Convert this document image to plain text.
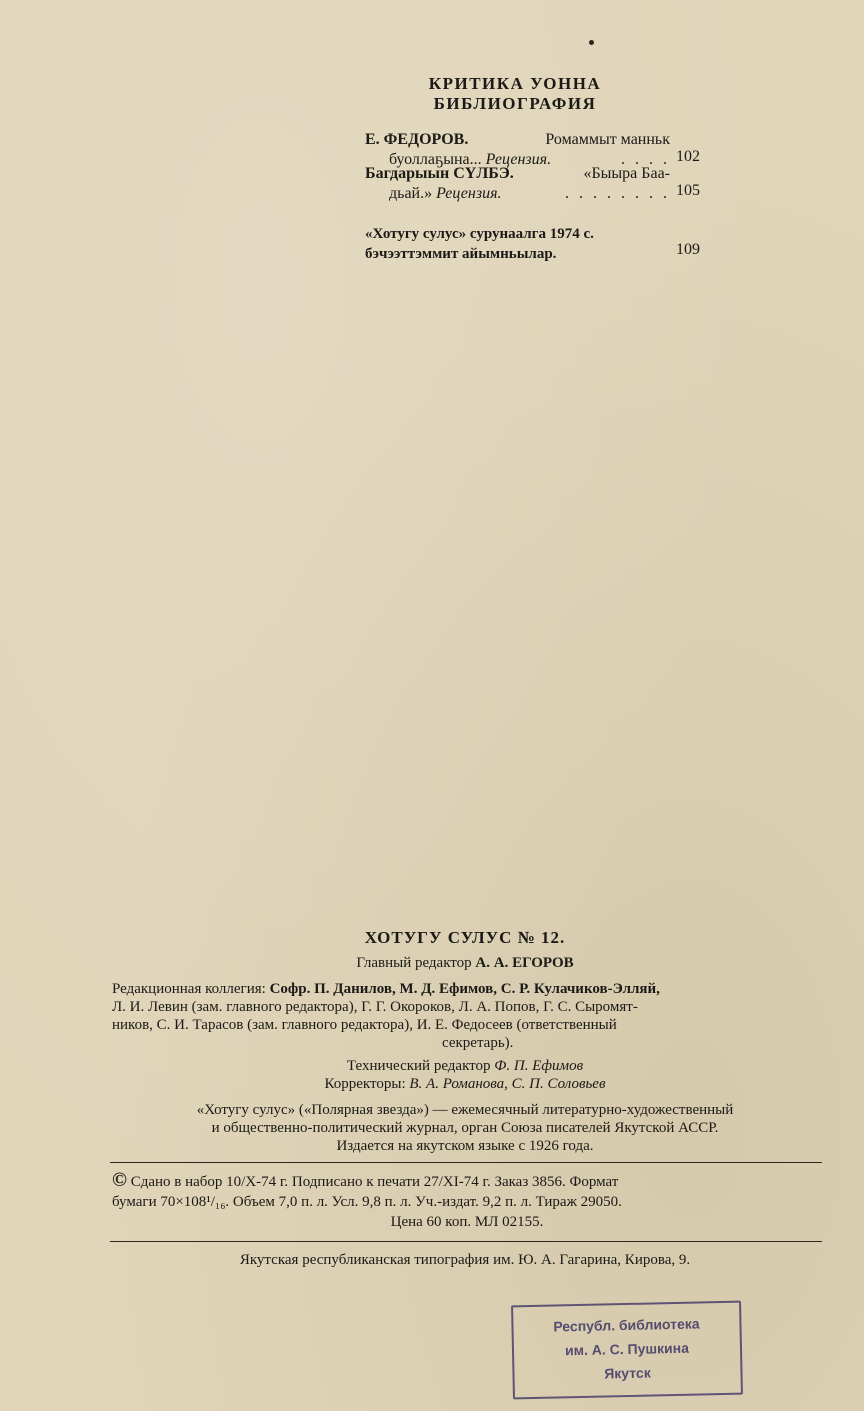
КРИТИКА УОННА
БИБЛИОГРАФИЯ
Е. ФЕДОРОВ.	Ромаммыт манньк
буоллаҕына... Рецензия.	. . . . 102
Багдарыын СҮЛБЭ.	«Быыра Баа-
дьай.» Рецензия.	. . . . . . . . 105
«Хотугу сулус» сурунаалга 1974 с.
бэчээттэммит айымньылар.	109
ХОТУГУ СУЛУС № 12.
Главный редактор А. А. ЕГОРОВ
Редакционная коллегия: Софр. П. Данилов, М. Д. Ефимов, С. Р. Кулачиков-Элляй,
Л. И. Левин (зам. главного редактора), Г. Г. Окороков, Л. А. Попов, Г. С. Сыромят-
ников, С. И. Тарасов (зам. главного редактора), И. Е. Федосеев (ответственный
секретарь).
Технический редактор Ф. П. Ефимов
Корректоры: В. А. Романова, С. П. Соловьев
«Хотугу сулус» («Полярная звезда») — ежемесячный литературно-художественный
и общественно-политический журнал, орган Союза писателей Якутской АССР.
Издается на якутском языке с 1926 года.
© Сдано в набор 10/X-74 г. Подписано к печати 27/XI-74 г. Заказ 3856. Формат
бумаги 70×108¹/₁₆. Объем 7,0 п. л. Усл. 9,8 п. л. Уч.-издат. 9,2 п. л. Тираж 29050.
Цена 60 коп. МЛ 02155.
Якутская республиканская типография им. Ю. А. Гагарина, Кирова, 9.
Республ. библиотека
им. А. С. Пушкина
Якутск
